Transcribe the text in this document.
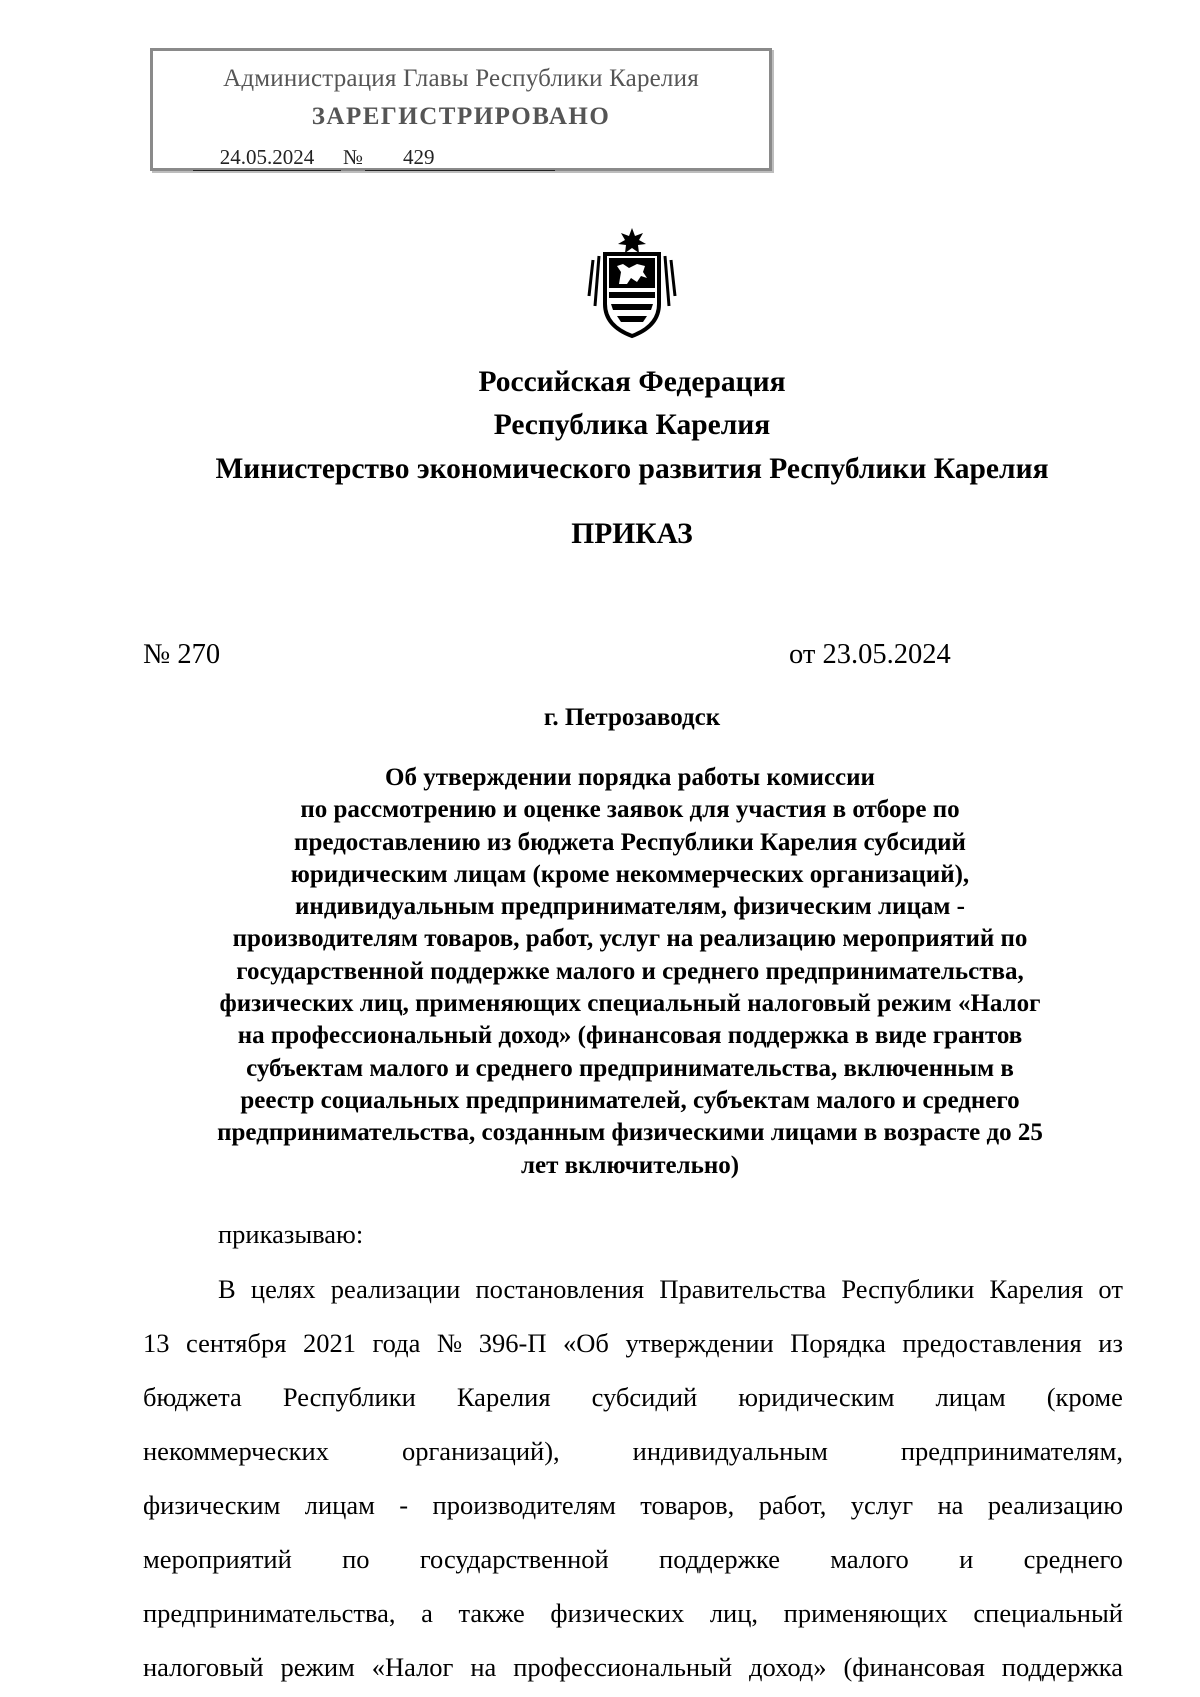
Администрация Главы Республики Карелия
ЗАРЕГИСТРИРОВАНО
24.05.2024 № 429
Российская Федерация
Республика Карелия
Министерство экономического развития Республики Карелия
ПРИКАЗ
№ 270	от 23.05.2024
г. Петрозаводск
Об утверждении порядка работы комиссии
по рассмотрению и оценке заявок для участия в отборе по
предоставлению из бюджета Республики Карелия субсидий
юридическим лицам (кроме некоммерческих организаций),
индивидуальным предпринимателям, физическим лицам -
производителям товаров, работ, услуг на реализацию мероприятий по
государственной поддержке малого и среднего предпринимательства,
физических лиц, применяющих специальный налоговый режим «Налог
на профессиональный доход» (финансовая поддержка в виде грантов
субъектам малого и среднего предпринимательства, включенным в
реестр социальных предпринимателей, субъектам малого и среднего
предпринимательства, созданным физическими лицами в возрасте до 25
лет включительно)
приказываю:
В целях реализации постановления Правительства Республики Карелия от
13 сентября 2021 года № 396-П «Об утверждении Порядка предоставления из
бюджета Республики Карелия субсидий юридическим лицам (кроме
некоммерческих	организаций),	индивидуальным	предпринимателям,
физическим лицам - производителям товаров, работ, услуг на реализацию
мероприятий по государственной поддержке малого и среднего
предпринимательства, а также физических лиц, применяющих специальный
налоговый режим «Налог на профессиональный доход» (финансовая поддержка
